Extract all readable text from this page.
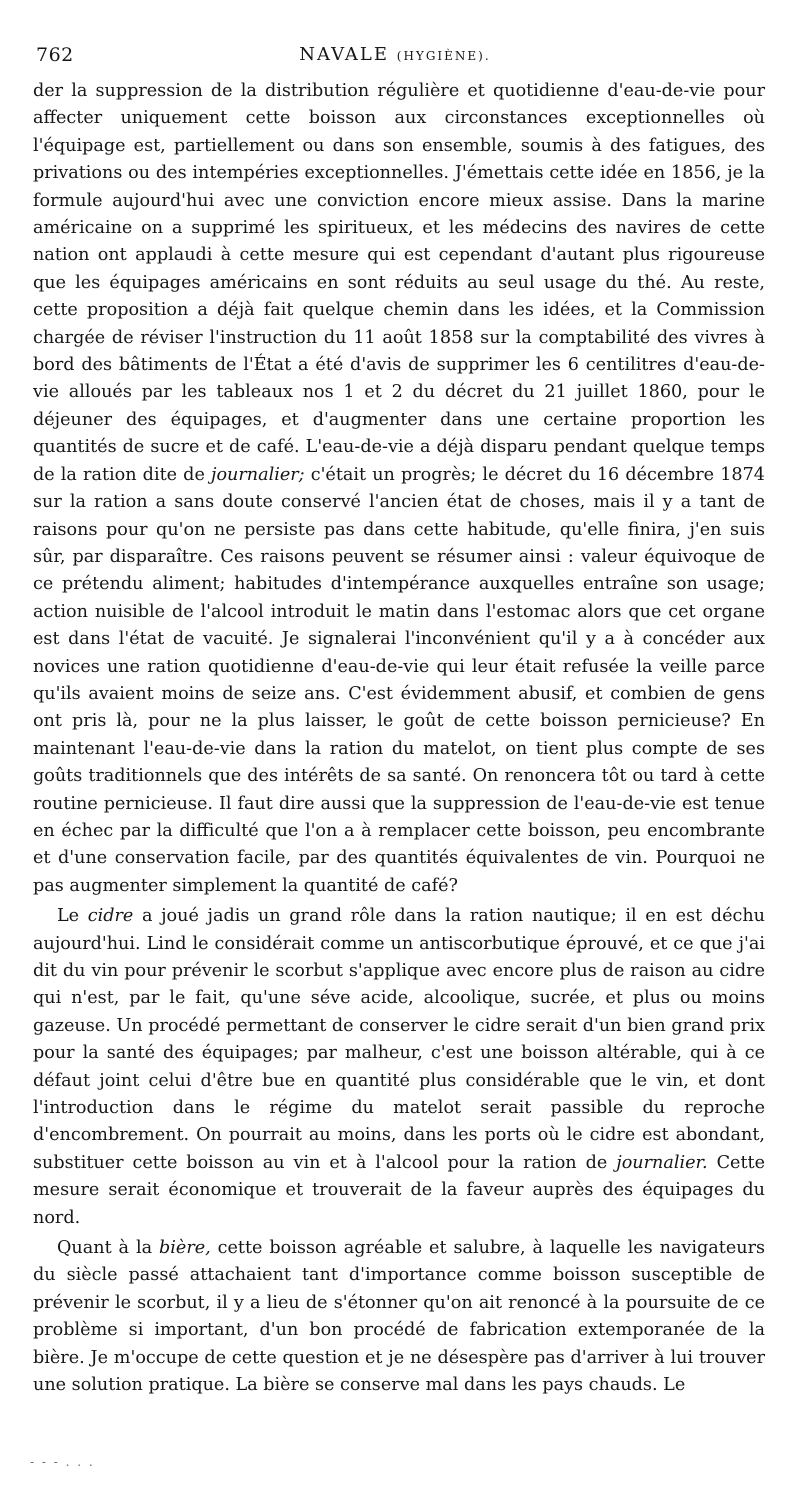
762	NAVALE (HYGIÈNE).

der la suppression de la distribution régulière et quotidienne d'eau-de-vie pour affecter uniquement cette boisson aux circonstances exceptionnelles où l'équipage est, partiellement ou dans son ensemble, soumis à des fatigues, des privations ou des intempéries exceptionnelles. J'émettais cette idée en 1856, je la formule aujourd'hui avec une conviction encore mieux assise. Dans la marine américaine on a supprimé les spiritueux, et les médecins des navires de cette nation ont applaudi à cette mesure qui est cependant d'autant plus rigoureuse que les équipages américains en sont réduits au seul usage du thé. Au reste, cette proposition a déjà fait quelque chemin dans les idées, et la Commission chargée de réviser l'instruction du 11 août 1858 sur la comptabilité des vivres à bord des bâtiments de l'État a été d'avis de supprimer les 6 centilitres d'eau-de-vie alloués par les tableaux nos 1 et 2 du décret du 21 juillet 1860, pour le déjeuner des équipages, et d'augmenter dans une certaine proportion les quantités de sucre et de café. L'eau-de-vie a déjà disparu pendant quelque temps de la ration dite de journalier; c'était un progrès; le décret du 16 décembre 1874 sur la ration a sans doute conservé l'ancien état de choses, mais il y a tant de raisons pour qu'on ne persiste pas dans cette habitude, qu'elle finira, j'en suis sûr, par disparaître. Ces raisons peuvent se résumer ainsi : valeur équivoque de ce prétendu aliment; habitudes d'intempérance auxquelles entraîne son usage; action nuisible de l'alcool introduit le matin dans l'estomac alors que cet organe est dans l'état de vacuité. Je signalerai l'inconvénient qu'il y a à concéder aux novices une ration quotidienne d'eau-de-vie qui leur était refusée la veille parce qu'ils avaient moins de seize ans. C'est évidemment abusif, et combien de gens ont pris là, pour ne la plus laisser, le goût de cette boisson pernicieuse? En maintenant l'eau-de-vie dans la ration du matelot, on tient plus compte de ses goûts traditionnels que des intérêts de sa santé. On renoncera tôt ou tard à cette routine pernicieuse. Il faut dire aussi que la suppression de l'eau-de-vie est tenue en échec par la difficulté que l'on a à remplacer cette boisson, peu encombrante et d'une conservation facile, par des quantités équivalentes de vin. Pourquoi ne pas augmenter simplement la quantité de café?

Le cidre a joué jadis un grand rôle dans la ration nautique; il en est déchu aujourd'hui. Lind le considérait comme un antiscorbutique éprouvé, et ce que j'ai dit du vin pour prévenir le scorbut s'applique avec encore plus de raison au cidre qui n'est, par le fait, qu'une séve acide, alcoolique, sucrée, et plus ou moins gazeuse. Un procédé permettant de conserver le cidre serait d'un bien grand prix pour la santé des équipages; par malheur, c'est une boisson altérable, qui à ce défaut joint celui d'être bue en quantité plus considérable que le vin, et dont l'introduction dans le régime du matelot serait passible du reproche d'encombrement. On pourrait au moins, dans les ports où le cidre est abondant, substituer cette boisson au vin et à l'alcool pour la ration de journalier. Cette mesure serait économique et trouverait de la faveur auprès des équipages du nord.

Quant à la bière, cette boisson agréable et salubre, à laquelle les navigateurs du siècle passé attachaient tant d'importance comme boisson susceptible de prévenir le scorbut, il y a lieu de s'étonner qu'on ait renoncé à la poursuite de ce problème si important, d'un bon procédé de fabrication extemporanée de la bière. Je m'occupe de cette question et je ne désespère pas d'arriver à lui trouver une solution pratique. La bière se conserve mal dans les pays chauds. Le

- - - . . .
